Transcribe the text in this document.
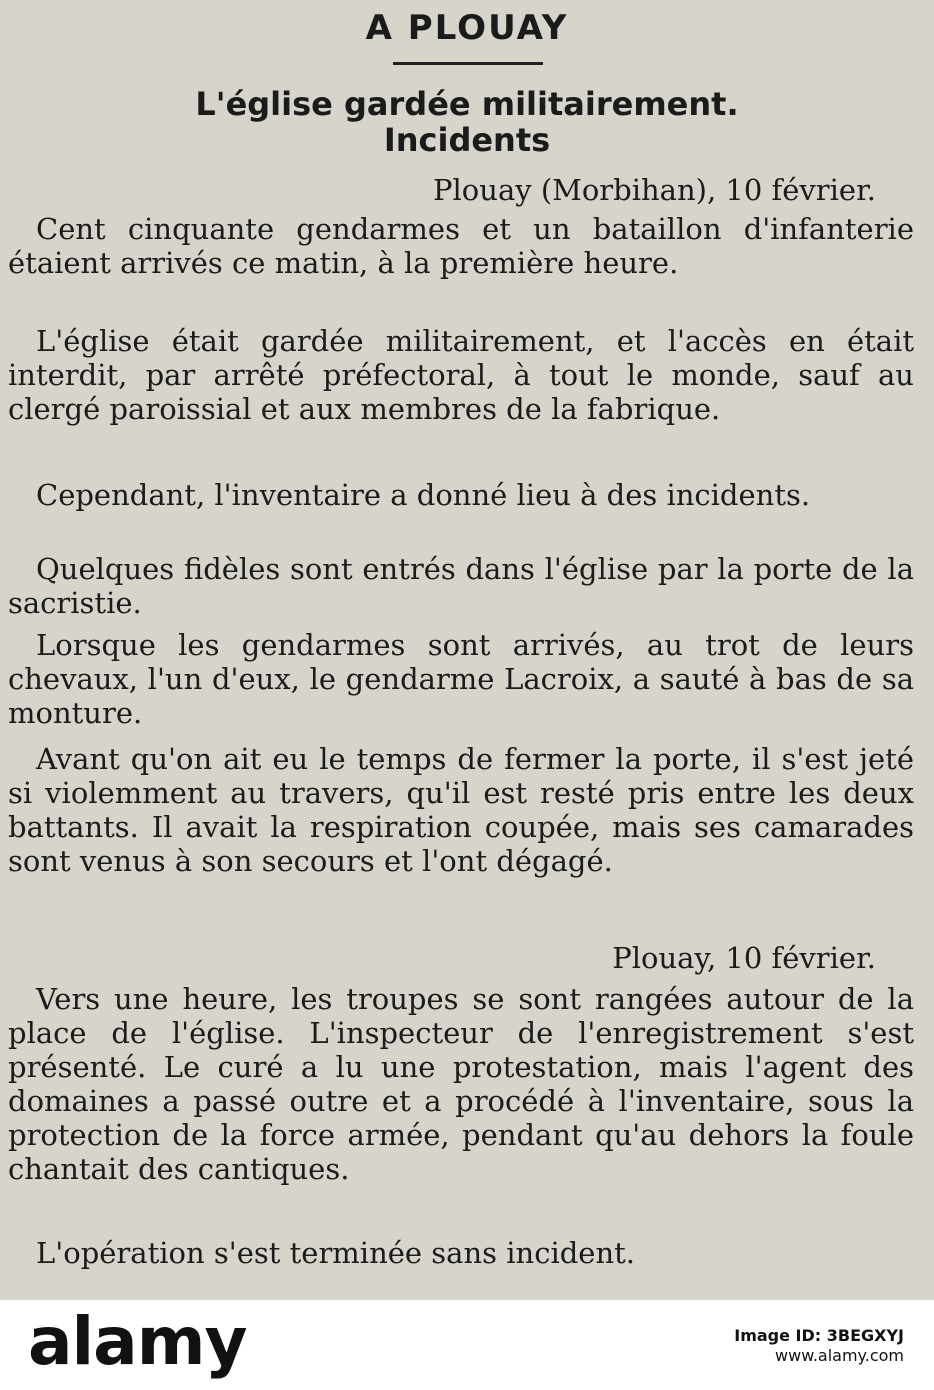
A PLOUAY
L'église gardée militairement.
Incidents
Plouay (Morbihan), 10 février.
Cent cinquante gendarmes et un bataillon d'infanterie étaient arrivés ce matin, à la première heure.
L'église était gardée militairement, et l'accès en était interdit, par arrêté préfectoral, à tout le monde, sauf au clergé paroissial et aux membres de la fabrique.
Cependant, l'inventaire a donné lieu à des incidents.
Quelques fidèles sont entrés dans l'église par la porte de la sacristie.
Lorsque les gendarmes sont arrivés, au trot de leurs chevaux, l'un d'eux, le gendarme Lacroix, a sauté à bas de sa monture.
Avant qu'on ait eu le temps de fermer la porte, il s'est jeté si violemment au travers, qu'il est resté pris entre les deux battants. Il avait la respiration coupée, mais ses camarades sont venus à son secours et l'ont dégagé.
Plouay, 10 février.
Vers une heure, les troupes se sont rangées autour de la place de l'église. L'inspecteur de l'enregistrement s'est présenté. Le curé a lu une protestation, mais l'agent des domaines a passé outre et a procédé à l'inventaire, sous la protection de la force armée, pendant qu'au dehors la foule chantait des cantiques.
L'opération s'est terminée sans incident.
alamy	Image ID: 3BEGXYJ
www.alamy.com
